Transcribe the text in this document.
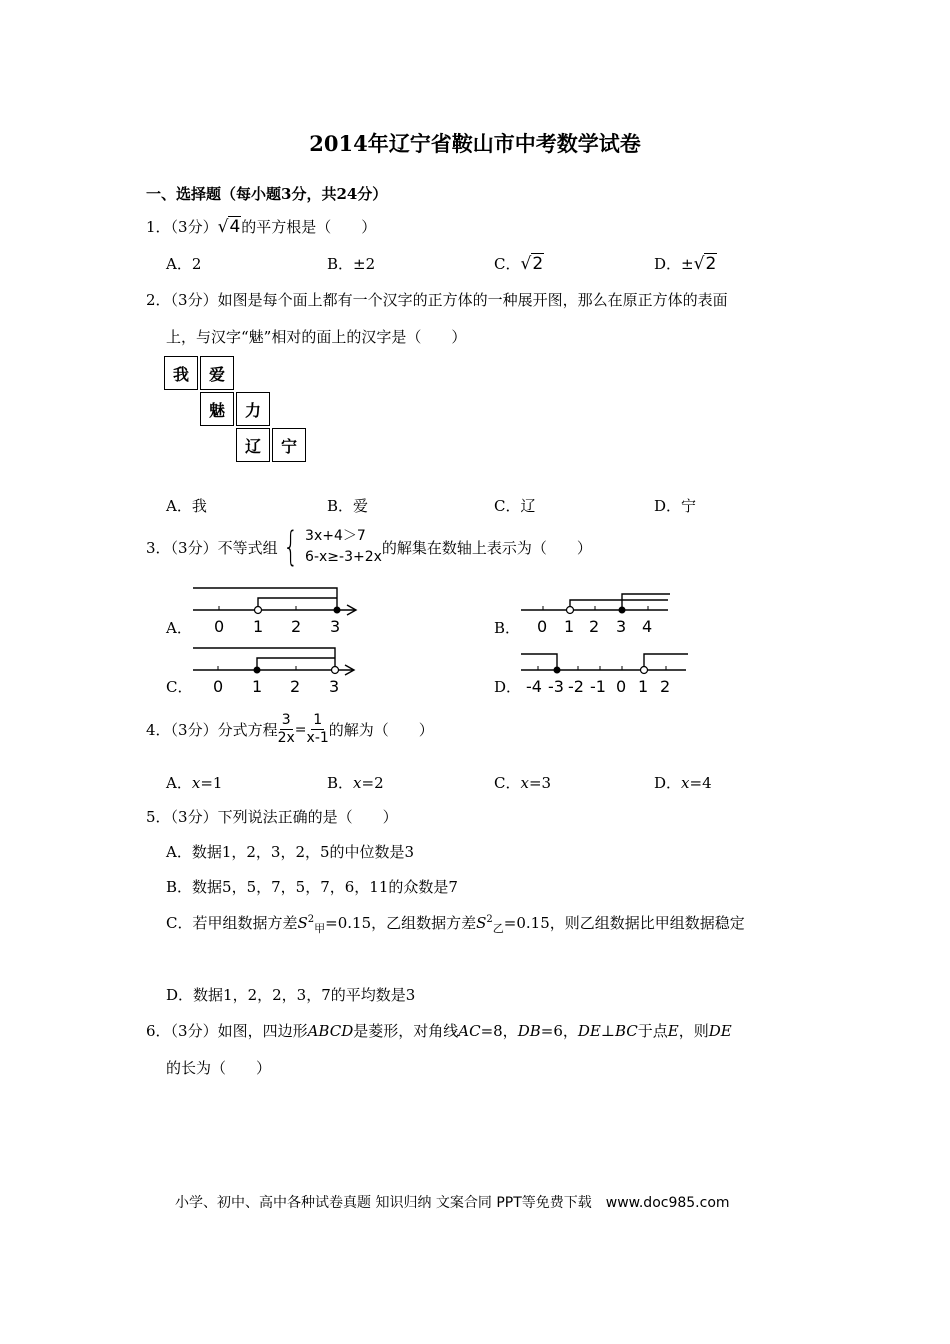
2014年辽宁省鞍山市中考数学试卷
一、选择题（每小题3分，共24分）
1．（3分）√4的平方根是（　　）
A．2	B．±2	C．√2	D．±√2
2．（3分）如图是每个面上都有一个汉字的正方体的一种展开图，那么在原正方体的表面
上，与汉字“魅”相对的面上的汉字是（　　）
我	爱
魅	力
辽	宁
A．我	B．爱	C．辽	D．宁
3．（3分）不等式组 { 3x+4＞7
6-x≥-3+2x
的解集在数轴上表示为（　　）
A． 0 1 2 3	B． 0 1 2 3 4
C． 0 1 2 3	D． -4 -3 -2 -1 0 1 2
4．（3分）分式方程 $\frac{3}{2x} = \frac{1}{x-1}$ 的解为（　　）
A．x=1	B．x=2	C．x=3	D．x=4
5．（3分）下列说法正确的是（　　）
A．数据1，2，3，2，5的中位数是3
B．数据5，5，7，5，7，6，11的众数是7
C．若甲组数据方差$S^2_甲=0.15$，乙组数据方差$S^2_乙=0.15$，则乙组数据比甲组数据稳定
D．数据1，2，2，3，7的平均数是3
6．（3分）如图，四边形ABCD是菱形，对角线AC=8，DB=6，DE⊥BC于点E，则DE
的长为（　　）
小学、初中、高中各种试卷真题 知识归纳 文案合同 PPT等免费下载　www.doc985.com
